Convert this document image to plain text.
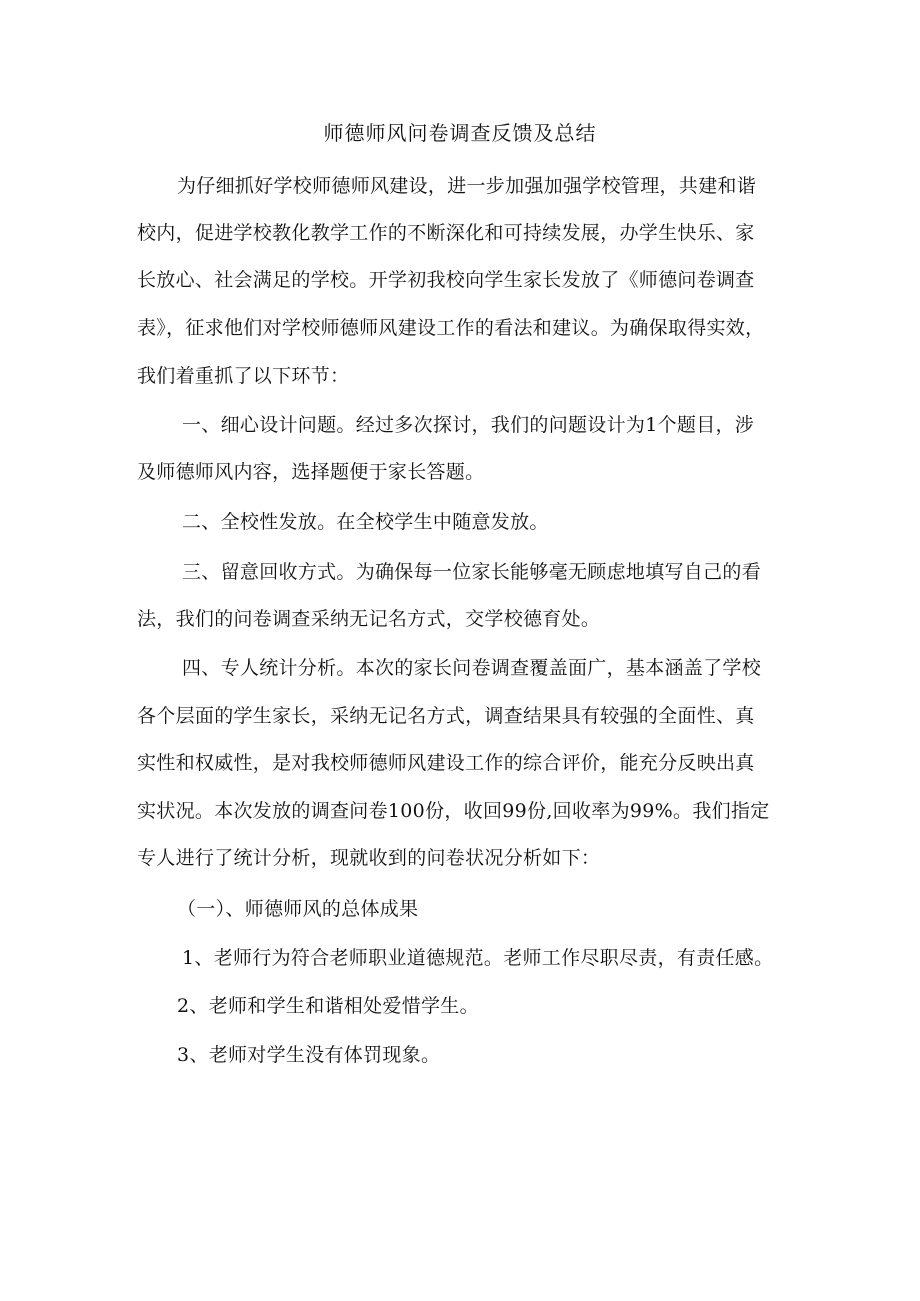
师德师风问卷调查反馈及总结
为仔细抓好学校师德师风建设，进一步加强加强学校管理，共建和谐
校内，促进学校教化教学工作的不断深化和可持续发展，办学生快乐、家
长放心、社会满足的学校。开学初我校向学生家长发放了《师德问卷调查
表》，征求他们对学校师德师风建设工作的看法和建议。为确保取得实效，
我们着重抓了以下环节：
一、细心设计问题。经过多次探讨，我们的问题设计为1个题目，涉
及师德师风内容，选择题便于家长答题。
二、全校性发放。在全校学生中随意发放。
三、留意回收方式。为确保每一位家长能够毫无顾虑地填写自己的看
法，我们的问卷调查采纳无记名方式，交学校德育处。
四、专人统计分析。本次的家长问卷调查覆盖面广，基本涵盖了学校
各个层面的学生家长，采纳无记名方式，调查结果具有较强的全面性、真
实性和权威性，是对我校师德师风建设工作的综合评价，能充分反映出真
实状况。本次发放的调查问卷100份，收回99份,回收率为99%。我们指定
专人进行了统计分析，现就收到的问卷状况分析如下：
（一）、师德师风的总体成果
1、老师行为符合老师职业道德规范。老师工作尽职尽责，有责任感。
2、老师和学生和谐相处爱惜学生。
3、老师对学生没有体罚现象。
